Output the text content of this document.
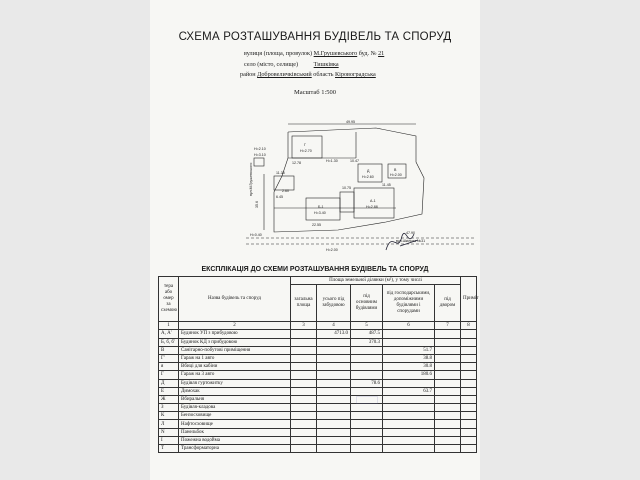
СХЕМА РОЗТАШУВАННЯ БУДІВЕЛЬ ТА СПОРУД
вулиця (площа, провулок) М.Грушевського буд. № 21
село (місто, селище)	Тишківка
район Добровеличківський область Кіровоградська
Масштаб 1:500
49.95
35.6
47.90
вул.М.Грушевського
вул.Шкільна №31
А-1
Н=2.88
Б-1
Н=3.40
Г
Н=2.70
Д
Н=2.60
В
Н=2.00
Н=3.10
Н=2.10
Н=0.40
Н=2.00
Н=1.30
12.78	10.47
11.45
22.55
10.75
11.35
6.45
2.60
ЕКСПЛІКАЦІЯ ДО СХЕМИ РОЗТАШУВАННЯ БУДІВЕЛЬ ТА СПОРУД
тера або омер за схемою	Назва будівель та споруд	Площа земельної ділянки (м²), у тому числі					Приміт
		загальна площа	усього під забудовою	під основним будівлями	під господарськими, допоміжними будівлями і спорудами	під двором	
1	2	3	4	5	6	7	8
А, А'	Будинок УП з прибудовою		4713.0	487.5			
Б, б, б'	Будинок КД з прибудовою			370.3			
В	Санітарно-побутові приміщення				51.7		
Г'	Гараж на 1 авто				38.8		
я	Вбиці для кабіни				30.8		
Г	Гараж на 3 авто				180.6		
Д	Будівля гуртожитку			78.6			
Е	Димохак				63.7		
Ж	Вбиральня						
З	Будівля-кладова						
К	Бензосховище						
Л	Нафтосховище						
N	Панельбок						
І	Пожежна водойма						
Т	Трансформаторна						
